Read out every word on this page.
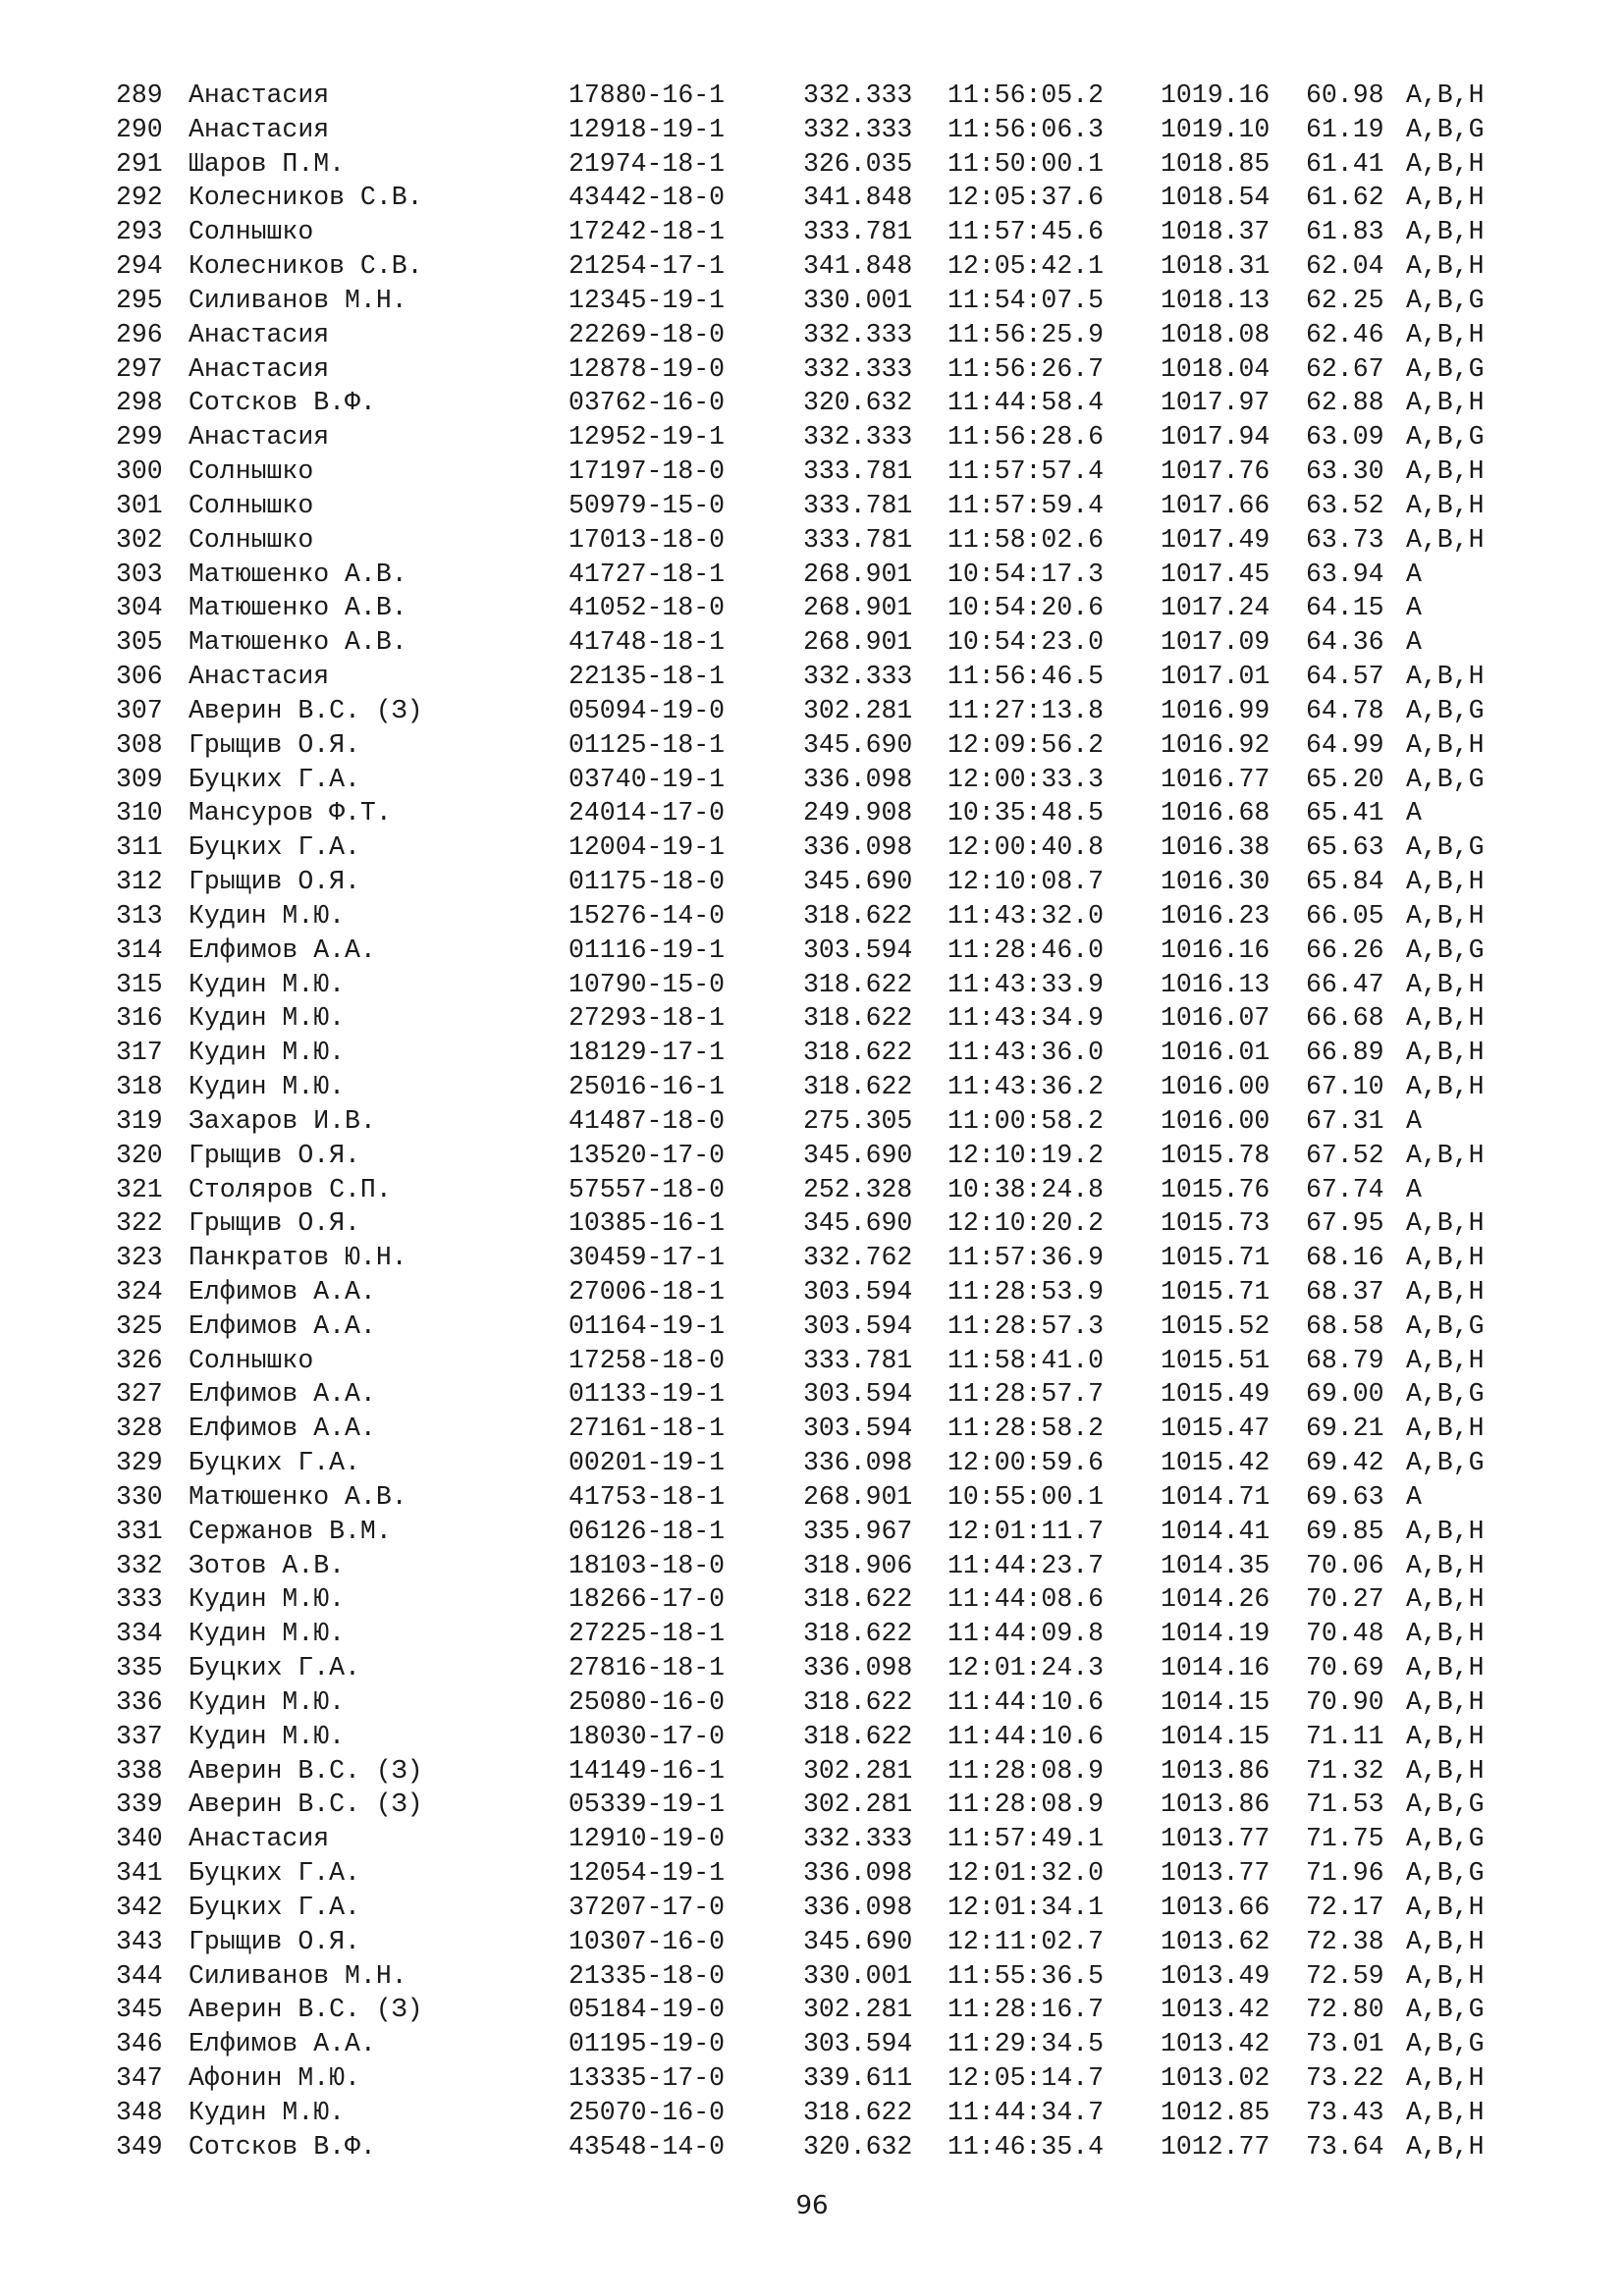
289 Анастасия	17880-16-1	332.333 11:56:05.2 1019.16 60.98 A,B,H
290 Анастасия	12918-19-1	332.333 11:56:06.3 1019.10 61.19 A,B,G
291 Шаров П.М.	21974-18-1	326.035 11:50:00.1 1018.85 61.41 A,B,H
292 Колесников С.В.	43442-18-0	341.848 12:05:37.6 1018.54 61.62 A,B,H
293 Солнышко	17242-18-1	333.781 11:57:45.6 1018.37 61.83 A,B,H
294 Колесников С.В.	21254-17-1	341.848 12:05:42.1 1018.31 62.04 A,B,H
295 Силиванов М.Н.	12345-19-1	330.001 11:54:07.5 1018.13 62.25 A,B,G
296 Анастасия	22269-18-0	332.333 11:56:25.9 1018.08 62.46 A,B,H
297 Анастасия	12878-19-0	332.333 11:56:26.7 1018.04 62.67 A,B,G
298 Сотсков В.Ф.	03762-16-0	320.632 11:44:58.4 1017.97 62.88 A,B,H
299 Анастасия	12952-19-1	332.333 11:56:28.6 1017.94 63.09 A,B,G
300 Солнышко	17197-18-0	333.781 11:57:57.4 1017.76 63.30 A,B,H
301 Солнышко	50979-15-0	333.781 11:57:59.4 1017.66 63.52 A,B,H
302 Солнышко	17013-18-0	333.781 11:58:02.6 1017.49 63.73 A,B,H
303 Матюшенко А.В.	41727-18-1	268.901 10:54:17.3 1017.45 63.94 A
304 Матюшенко А.В.	41052-18-0	268.901 10:54:20.6 1017.24 64.15 A
305 Матюшенко А.В.	41748-18-1	268.901 10:54:23.0 1017.09 64.36 A
306 Анастасия	22135-18-1	332.333 11:56:46.5 1017.01 64.57 A,B,H
307 Аверин В.С. (З)	05094-19-0	302.281 11:27:13.8 1016.99 64.78 A,B,G
308 Грыщив О.Я.	01125-18-1	345.690 12:09:56.2 1016.92 64.99 A,B,H
309 Буцких Г.А.	03740-19-1	336.098 12:00:33.3 1016.77 65.20 A,B,G
310 Мансуров Ф.Т.	24014-17-0	249.908 10:35:48.5 1016.68 65.41 A
311 Буцких Г.А.	12004-19-1	336.098 12:00:40.8 1016.38 65.63 A,B,G
312 Грыщив О.Я.	01175-18-0	345.690 12:10:08.7 1016.30 65.84 A,B,H
313 Кудин М.Ю.	15276-14-0	318.622 11:43:32.0 1016.23 66.05 A,B,H
314 Елфимов А.А.	01116-19-1	303.594 11:28:46.0 1016.16 66.26 A,B,G
315 Кудин М.Ю.	10790-15-0	318.622 11:43:33.9 1016.13 66.47 A,B,H
316 Кудин М.Ю.	27293-18-1	318.622 11:43:34.9 1016.07 66.68 A,B,H
317 Кудин М.Ю.	18129-17-1	318.622 11:43:36.0 1016.01 66.89 A,B,H
318 Кудин М.Ю.	25016-16-1	318.622 11:43:36.2 1016.00 67.10 A,B,H
319 Захаров И.В.	41487-18-0	275.305 11:00:58.2 1016.00 67.31 A
320 Грыщив О.Я.	13520-17-0	345.690 12:10:19.2 1015.78 67.52 A,B,H
321 Столяров С.П.	57557-18-0	252.328 10:38:24.8 1015.76 67.74 A
322 Грыщив О.Я.	10385-16-1	345.690 12:10:20.2 1015.73 67.95 A,B,H
323 Панкратов Ю.Н.	30459-17-1	332.762 11:57:36.9 1015.71 68.16 A,B,H
324 Елфимов А.А.	27006-18-1	303.594 11:28:53.9 1015.71 68.37 A,B,H
325 Елфимов А.А.	01164-19-1	303.594 11:28:57.3 1015.52 68.58 A,B,G
326 Солнышко	17258-18-0	333.781 11:58:41.0 1015.51 68.79 A,B,H
327 Елфимов А.А.	01133-19-1	303.594 11:28:57.7 1015.49 69.00 A,B,G
328 Елфимов А.А.	27161-18-1	303.594 11:28:58.2 1015.47 69.21 A,B,H
329 Буцких Г.А.	00201-19-1	336.098 12:00:59.6 1015.42 69.42 A,B,G
330 Матюшенко А.В.	41753-18-1	268.901 10:55:00.1 1014.71 69.63 A
331 Сержанов В.М.	06126-18-1	335.967 12:01:11.7 1014.41 69.85 A,B,H
332 Зотов А.В.	18103-18-0	318.906 11:44:23.7 1014.35 70.06 A,B,H
333 Кудин М.Ю.	18266-17-0	318.622 11:44:08.6 1014.26 70.27 A,B,H
334 Кудин М.Ю.	27225-18-1	318.622 11:44:09.8 1014.19 70.48 A,B,H
335 Буцких Г.А.	27816-18-1	336.098 12:01:24.3 1014.16 70.69 A,B,H
336 Кудин М.Ю.	25080-16-0	318.622 11:44:10.6 1014.15 70.90 A,B,H
337 Кудин М.Ю.	18030-17-0	318.622 11:44:10.6 1014.15 71.11 A,B,H
338 Аверин В.С. (З)	14149-16-1	302.281 11:28:08.9 1013.86 71.32 A,B,H
339 Аверин В.С. (З)	05339-19-1	302.281 11:28:08.9 1013.86 71.53 A,B,G
340 Анастасия	12910-19-0	332.333 11:57:49.1 1013.77 71.75 A,B,G
341 Буцких Г.А.	12054-19-1	336.098 12:01:32.0 1013.77 71.96 A,B,G
342 Буцких Г.А.	37207-17-0	336.098 12:01:34.1 1013.66 72.17 A,B,H
343 Грыщив О.Я.	10307-16-0	345.690 12:11:02.7 1013.62 72.38 A,B,H
344 Силиванов М.Н.	21335-18-0	330.001 11:55:36.5 1013.49 72.59 A,B,H
345 Аверин В.С. (З)	05184-19-0	302.281 11:28:16.7 1013.42 72.80 A,B,G
346 Елфимов А.А.	01195-19-0	303.594 11:29:34.5 1013.42 73.01 A,B,G
347 Афонин М.Ю.	13335-17-0	339.611 12:05:14.7 1013.02 73.22 A,B,H
348 Кудин М.Ю.	25070-16-0	318.622 11:44:34.7 1012.85 73.43 A,B,H
349 Сотсков В.Ф.	43548-14-0	320.632 11:46:35.4 1012.77 73.64 A,B,H
96
